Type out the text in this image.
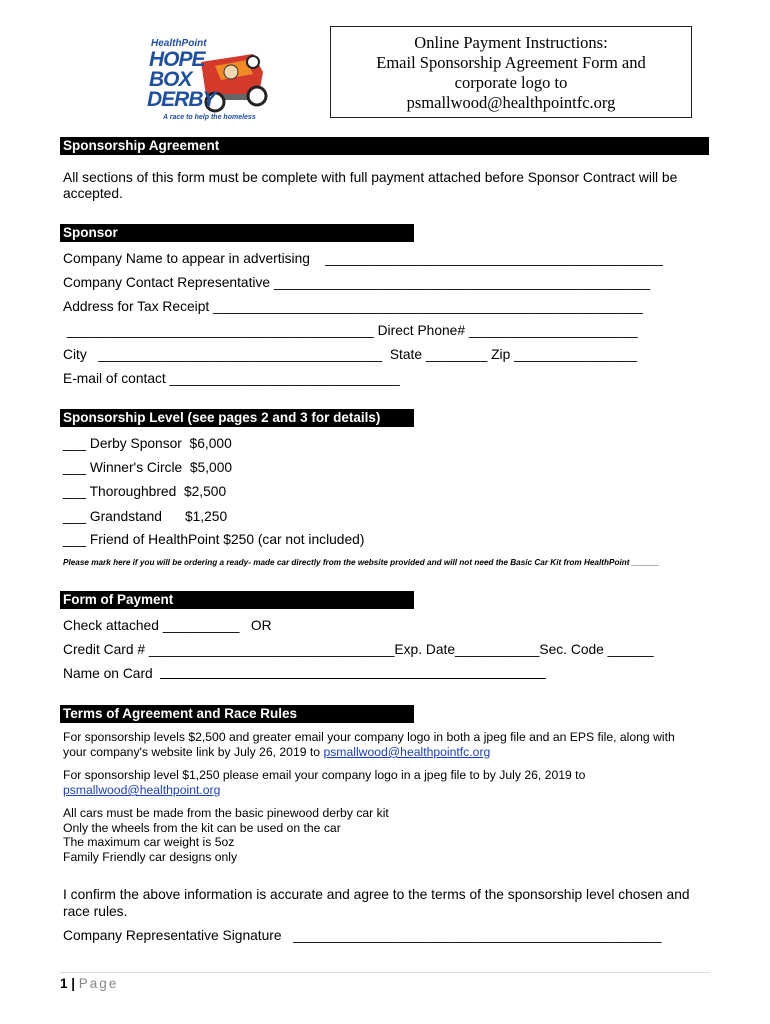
HealthPoint
HOPE
BOX
DERBY
A race to help the homeless
Online Payment Instructions:
Email Sponsorship Agreement Form and
corporate logo to
psmallwood@healthpointfc.org
Sponsorship Agreement
All sections of this form must be complete with full payment attached before Sponsor Contract will be
accepted.
Sponsor
Company Name to appear in advertising    ____________________________________________
Company Contact Representative _________________________________________________
Address for Tax Receipt ________________________________________________________
________________________________________ Direct Phone# ______________________
City   _____________________________________  State ________ Zip ________________
E-mail of contact ______________________________
Sponsorship Level (see pages 2 and 3 for details)
___ Derby Sponsor  $6,000
___ Winner's Circle  $5,000
___ Thoroughbred  $2,500
___ Grandstand      $1,250
___ Friend of HealthPoint $250 (car not included)
Please mark here if you will be ordering a ready- made car directly from the website provided and will not need the Basic Car Kit from HealthPoint ______
Form of Payment
Check attached __________   OR
Credit Card # ________________________________Exp. Date___________Sec. Code ______
Name on Card
Terms of Agreement and Race Rules
For sponsorship levels $2,500 and greater email your company logo in both a jpeg file and an EPS file, along with
your company's website link by July 26, 2019 to psmallwood@healthpointfc.org
For sponsorship level $1,250 please email your company logo in a jpeg file to by July 26, 2019 to
psmallwood@healthpoint.org
All cars must be made from the basic pinewood derby car kit
Only the wheels from the kit can be used on the car
The maximum car weight is 5oz
Family Friendly car designs only
I confirm the above information is accurate and agree to the terms of the sponsorship level chosen and
race rules.
Company Representative Signature   ________________________________________________
1 | Page
